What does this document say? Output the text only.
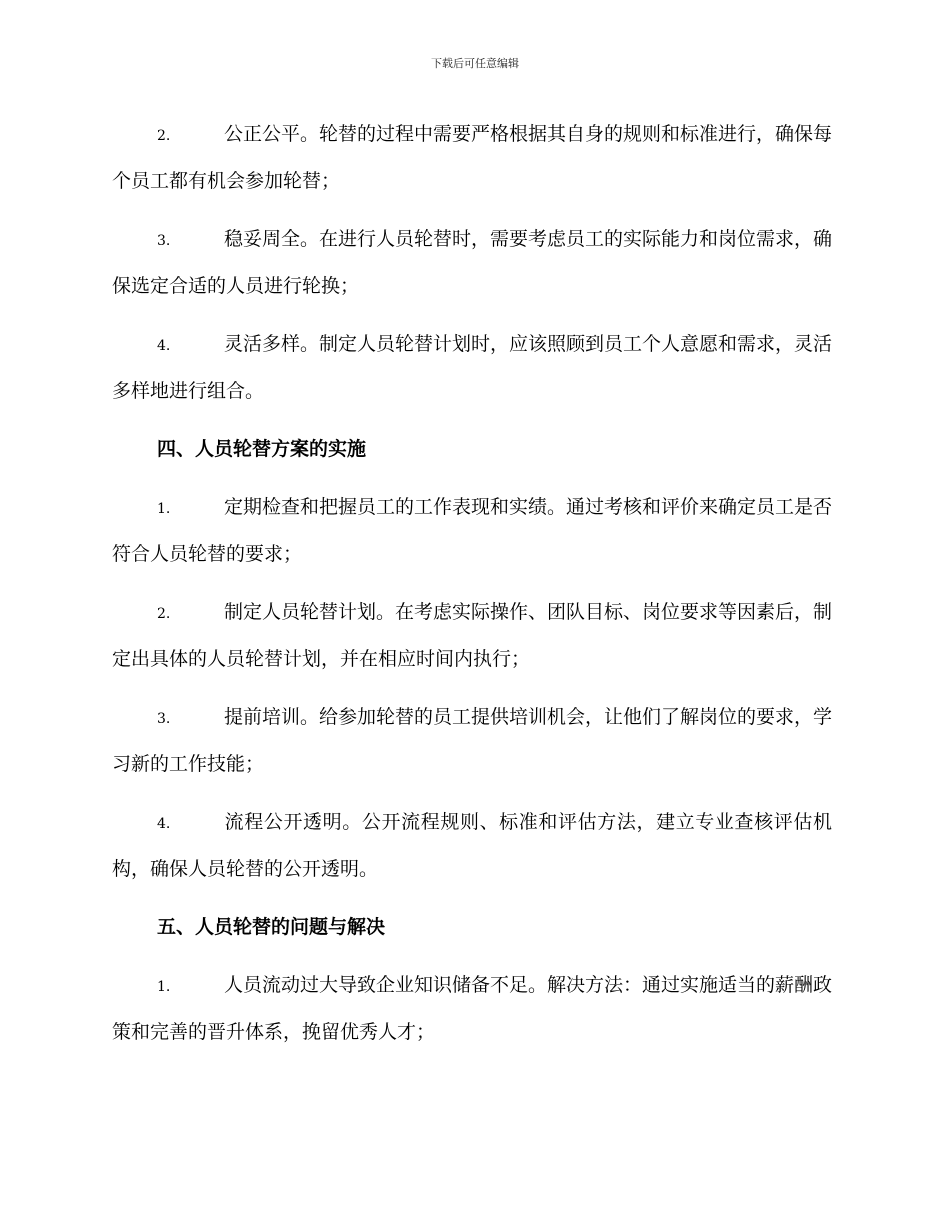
下载后可任意编辑

2.	公正公平。轮替的过程中需要严格根据其自身的规则和标准进行，确保每个员工都有机会参加轮替；

3.	稳妥周全。在进行人员轮替时，需要考虑员工的实际能力和岗位需求，确保选定合适的人员进行轮换；

4.	灵活多样。制定人员轮替计划时，应该照顾到员工个人意愿和需求，灵活多样地进行组合。

四、人员轮替方案的实施

1.	定期检查和把握员工的工作表现和实绩。通过考核和评价来确定员工是否符合人员轮替的要求；

2.	制定人员轮替计划。在考虑实际操作、团队目标、岗位要求等因素后，制定出具体的人员轮替计划，并在相应时间内执行；

3.	提前培训。给参加轮替的员工提供培训机会，让他们了解岗位的要求，学习新的工作技能；

4.	流程公开透明。公开流程规则、标准和评估方法，建立专业查核评估机构，确保人员轮替的公开透明。

五、人员轮替的问题与解决

1.	人员流动过大导致企业知识储备不足。解决方法：通过实施适当的薪酬政策和完善的晋升体系，挽留优秀人才；
